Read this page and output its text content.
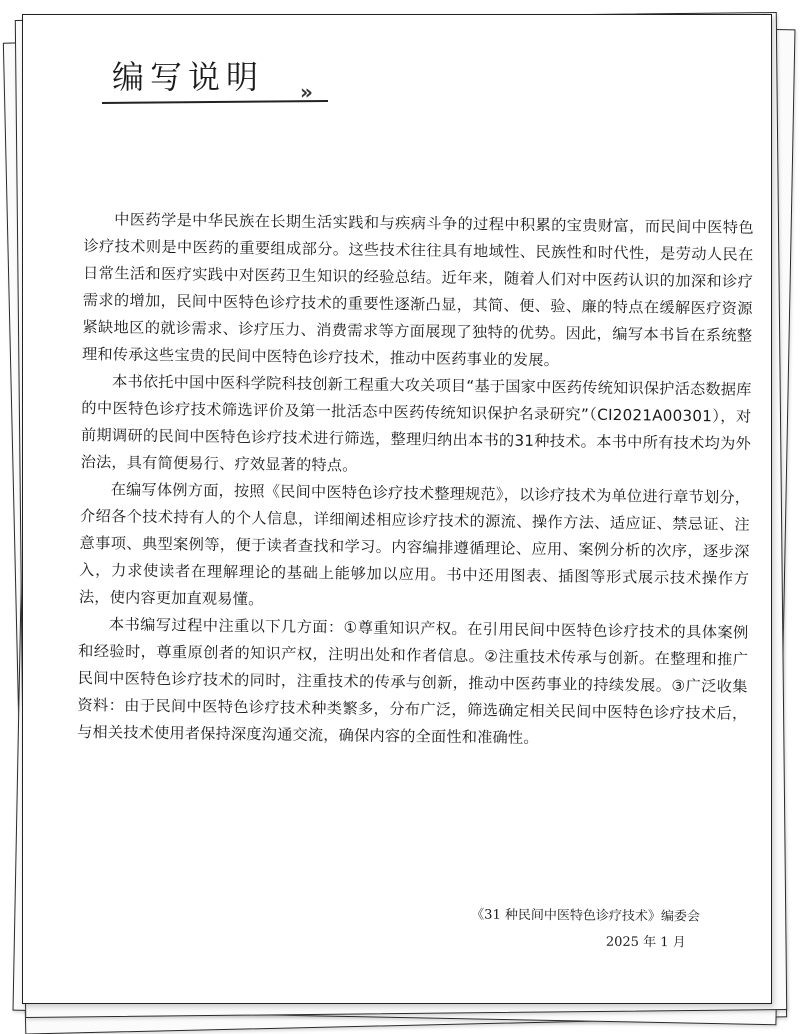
编写说明 »

中医药学是中华民族在长期生活实践和与疾病斗争的过程中积累的宝贵财富，而民间中医特色诊疗技术则是中医药的重要组成部分。这些技术往往具有地域性、民族性和时代性，是劳动人民在日常生活和医疗实践中对医药卫生知识的经验总结。近年来，随着人们对中医药认识的加深和诊疗需求的增加，民间中医特色诊疗技术的重要性逐渐凸显，其简、便、验、廉的特点在缓解医疗资源紧缺地区的就诊需求、诊疗压力、消费需求等方面展现了独特的优势。因此，编写本书旨在系统整理和传承这些宝贵的民间中医特色诊疗技术，推动中医药事业的发展。

本书依托中国中医科学院科技创新工程重大攻关项目“基于国家中医药传统知识保护活态数据库的中医特色诊疗技术筛选评价及第一批活态中医药传统知识保护名录研究”（CI2021A00301），对前期调研的民间中医特色诊疗技术进行筛选，整理归纳出本书的31种技术。本书中所有技术均为外治法，具有简便易行、疗效显著的特点。

在编写体例方面，按照《民间中医特色诊疗技术整理规范》，以诊疗技术为单位进行章节划分，介绍各个技术持有人的个人信息，详细阐述相应诊疗技术的源流、操作方法、适应证、禁忌证、注意事项、典型案例等，便于读者查找和学习。内容编排遵循理论、应用、案例分析的次序，逐步深入，力求使读者在理解理论的基础上能够加以应用。书中还用图表、插图等形式展示技术操作方法，使内容更加直观易懂。

本书编写过程中注重以下几方面：①尊重知识产权。在引用民间中医特色诊疗技术的具体案例和经验时，尊重原创者的知识产权，注明出处和作者信息。②注重技术传承与创新。在整理和推广民间中医特色诊疗技术的同时，注重技术的传承与创新，推动中医药事业的持续发展。③广泛收集资料：由于民间中医特色诊疗技术种类繁多，分布广泛，筛选确定相关民间中医特色诊疗技术后，与相关技术使用者保持深度沟通交流，确保内容的全面性和准确性。

《31 种民间中医特色诊疗技术》编委会
2025 年 1 月
